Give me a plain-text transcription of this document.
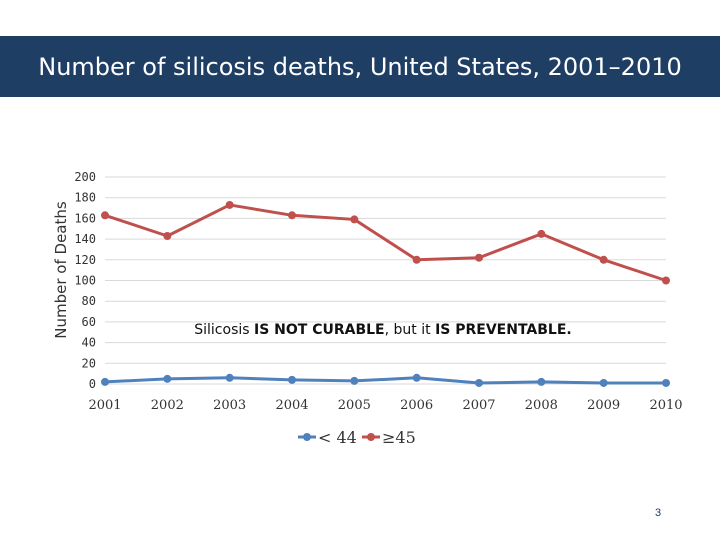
Number of silicosis deaths, United States, 2001–2010
0
20
40
60
80
100
120
140
160
180
200
2001 2002 2003 2004 2005 2006 2007 2008 2009 2010
Number of Deaths	Silicosis IS NOT CURABLE, but it IS PREVENTABLE.
< 44 ≥45
3
